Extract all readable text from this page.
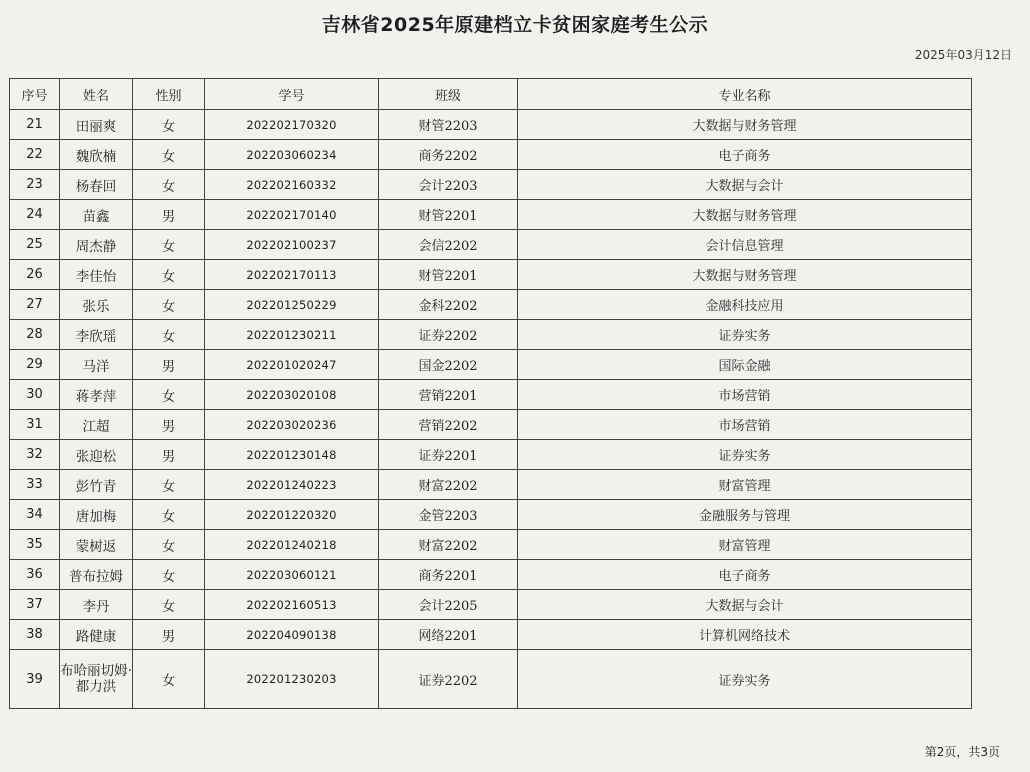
吉林省2025年原建档立卡贫困家庭考生公示
2025年03月12日
序号	姓名	性别	学号	班级	专业名称
21	田丽爽	女	202202170320	财管2203	大数据与财务管理
22	魏欣楠	女	202203060234	商务2202	电子商务
23	杨春回	女	202202160332	会计2203	大数据与会计
24	苗鑫	男	202202170140	财管2201	大数据与财务管理
25	周杰静	女	202202100237	会信2202	会计信息管理
26	李佳怡	女	202202170113	财管2201	大数据与财务管理
27	张乐	女	202201250229	金科2202	金融科技应用
28	李欣瑶	女	202201230211	证券2202	证券实务
29	马洋	男	202201020247	国金2202	国际金融
30	蒋孝萍	女	202203020108	营销2201	市场营销
31	江超	男	202203020236	营销2202	市场营销
32	张迎松	男	202201230148	证券2201	证券实务
33	彭竹青	女	202201240223	财富2202	财富管理
34	唐加梅	女	202201220320	金管2203	金融服务与管理
35	蒙树返	女	202201240218	财富2202	财富管理
36	普布拉姆	女	202203060121	商务2201	电子商务
37	李丹	女	202202160513	会计2205	大数据与会计
38	路健康	男	202204090138	网络2201	计算机网络技术
39	布哈丽切姆·都力洪	女	202201230203	证券2202	证券实务
第2页，共3页
